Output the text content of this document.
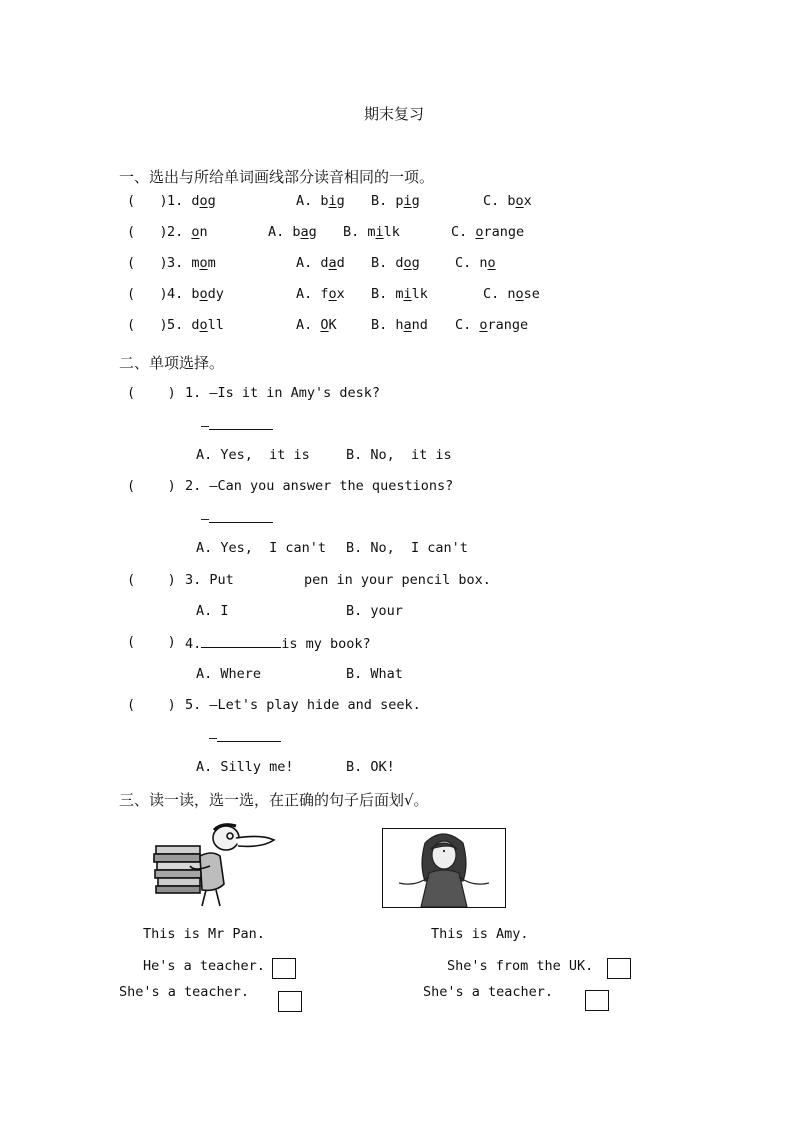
期末复习
一、选出与所给单词画线部分读音相同的一项。
(   ) 1. dog	A. big B. pig	C. box
(   ) 2. on	A. bag B. milk	C. orange
(   ) 3. mom	A. dad B. dog	C. no
(   ) 4. body	A. fox B. milk	C. nose
(   ) 5. doll	A. OK	B. hand C. orange
二、单项选择。
(    ) 1. —Is it in Amy's desk?
—
A. Yes,  it is	B. No,  it is
(    ) 2. —Can you answer the questions?
—
A. Yes,  I can't B. No,  I can't
(    ) 3. Put	pen in your pencil box.
A. I	B. your
(    ) 4.	is my book?
A. Where	B. What
(    ) 5. —Let's play hide and seek.
—
A. Silly me!	B. OK!
三、读一读，选一选，在正确的句子后面划√。
This is Mr Pan.	This is Amy.
He's a teacher.
She's a teacher.
She's from the UK.
She's a teacher.
